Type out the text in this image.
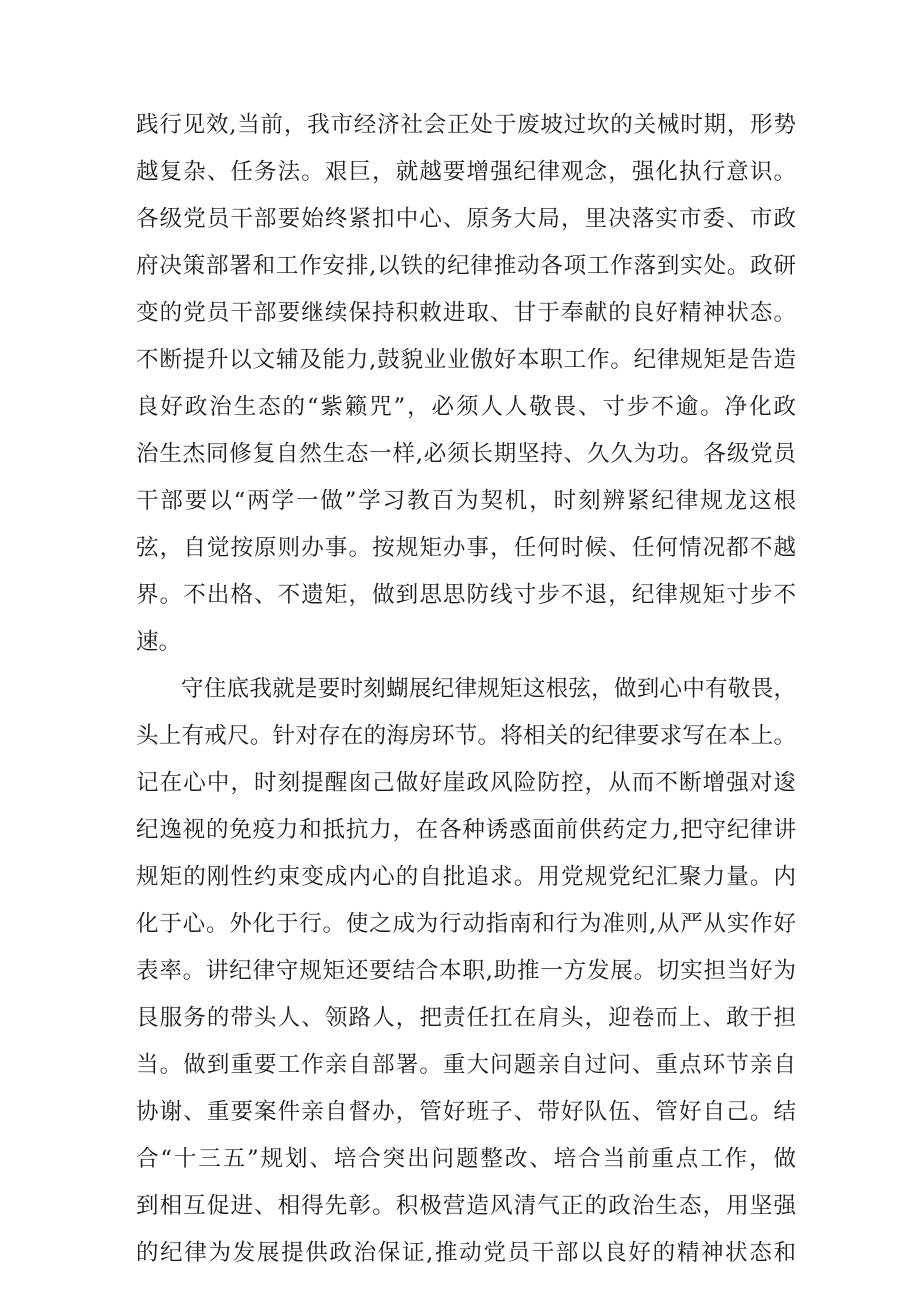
践行见效,当前，我市经济社会正处于废坡过坎的关械时期，形势
越复杂、任务法。艰巨，就越要增强纪律观念，强化执行意识。
各级党员干部要始终紧扣中心、原务大局，里决落实市委、市政
府决策部署和工作安排,以铁的纪律推动各项工作落到实处。政研
变的党员干部要继续保持积敕进取、甘于奉献的良好精神状态。
不断提升以文辅及能力,鼓貌业业傲好本职工作。纪律规矩是告造
良好政治生态的“紫籁咒”，必须人人敬畏、寸步不逾。净化政
治生杰同修复自然生态一样,必须长期坚持、久久为功。各级党员
干部要以“两学一做”学习教百为契机，时刻辨紧纪律规龙这根
弦，自觉按原则办事。按规矩办事，任何时候、任何情况都不越
界。不出格、不遗矩，做到思思防线寸步不退，纪律规矩寸步不
速。
守住底我就是要时刻蝴展纪律规矩这根弦，做到心中有敬畏，
头上有戒尺。针对存在的海房环节。将相关的纪律要求写在本上。
记在心中，时刻提醒囱己做好崖政风险防控，从而不断增强对逡
纪逸视的免疫力和抵抗力，在各种诱惑面前供药定力,把守纪律讲
规矩的刚性约束变成内心的自批追求。用党规党纪汇聚力量。内
化于心。外化于行。使之成为行动指南和行为准则,从严从实作好
表率。讲纪律守规矩还要结合本职,助推一方发展。切实担当好为
艮服务的带头人、领路人，把责任扛在肩头，迎卷而上、敢于担
当。做到重要工作亲自部署。重大问题亲自过问、重点环节亲自
协谢、重要案件亲自督办，管好班子、带好队伍、管好自己。结
合“十三五”规划、培合突出问题整改、培合当前重点工作，做
到相互促进、相得先彰。积极营造风清气正的政治生态，用坚强
的纪律为发展提供政治保证,推动党员干部以良好的精神状态和
